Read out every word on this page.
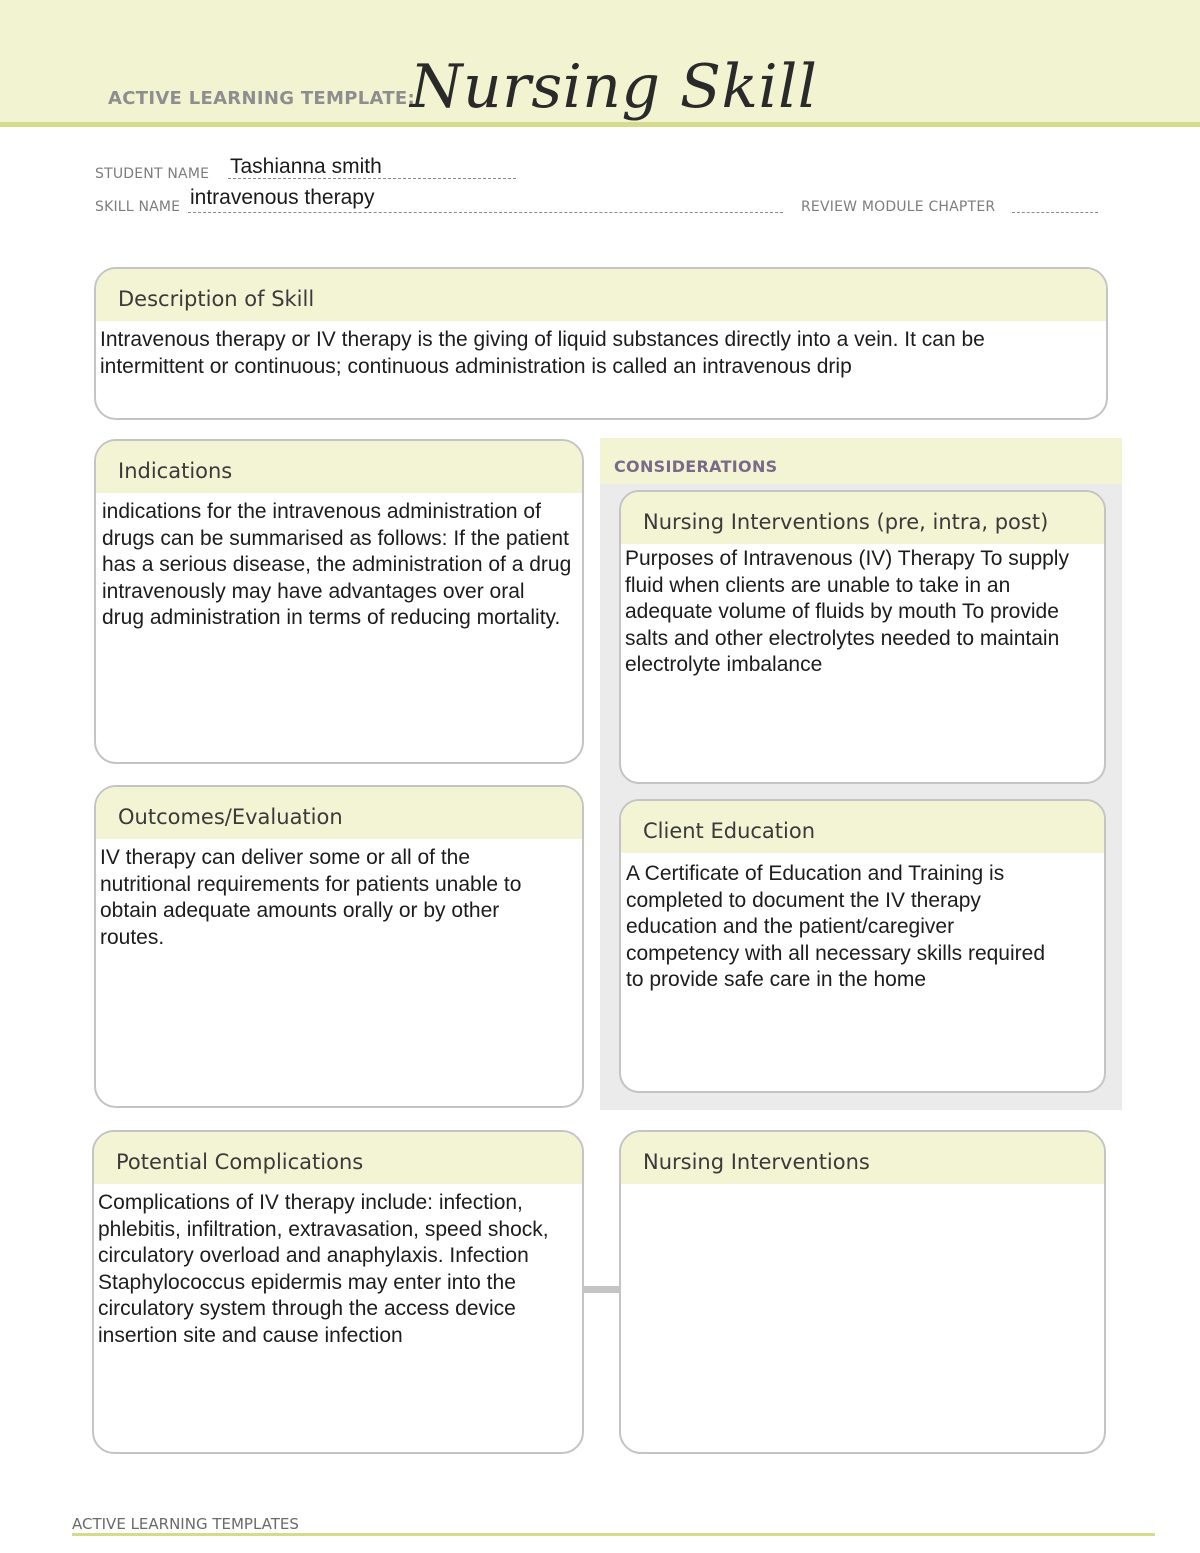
ACTIVE LEARNING TEMPLATE:
Nursing Skill
STUDENT NAME Tashianna smith
SKILL NAME intravenous therapy	REVIEW MODULE CHAPTER
Description of Skill
Intravenous therapy or IV therapy is the giving of liquid substances directly into a vein. It can be intermittent or continuous; continuous administration is called an intravenous drip
CONSIDERATIONS
Indications
indications for the intravenous administration of drugs can be summarised as follows: If the patient has a serious disease, the administration of a drug intravenously may have advantages over oral drug administration in terms of reducing mortality.
Nursing Interventions (pre, intra, post)
Purposes of Intravenous (IV) Therapy To supply fluid when clients are unable to take in an adequate volume of fluids by mouth To provide salts and other electrolytes needed to maintain electrolyte imbalance
Outcomes/Evaluation
IV therapy can deliver some or all of the nutritional requirements for patients unable to obtain adequate amounts orally or by other routes.
Client Education
A Certificate of Education and Training is completed to document the IV therapy education and the patient/caregiver competency with all necessary skills required to provide safe care in the home
Potential Complications
Complications of IV therapy include: infection, phlebitis, infiltration, extravasation, speed shock, circulatory overload and anaphylaxis. Infection Staphylococcus epidermis may enter into the circulatory system through the access device insertion site and cause infection
Nursing Interventions
ACTIVE LEARNING TEMPLATES
